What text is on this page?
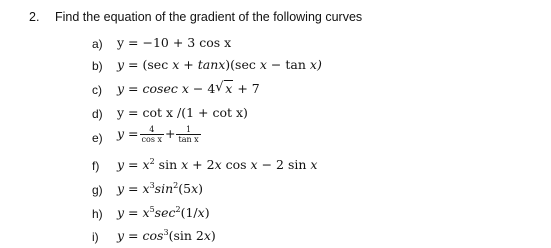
2. Find the equation of the gradient of the following curves
a) y = −10 + 3 cos x
b) y = (sec x + tanx)(sec x − tan x)
c) y = cosec x − 4 √ x + 7
d) y = cot x /(1 + cot x)
e) $y = \frac{4}{\text{cos x}} + \frac{1}{\text{tan x}}$
f) $y = x^2$ sin x + 2x cos x − 2 sin x
g) $y = x^3\sin^2(5x)$
h) $y = x^5\sec^2(1/x)$
i) $y = \cos^3(\sin$ 2x)
